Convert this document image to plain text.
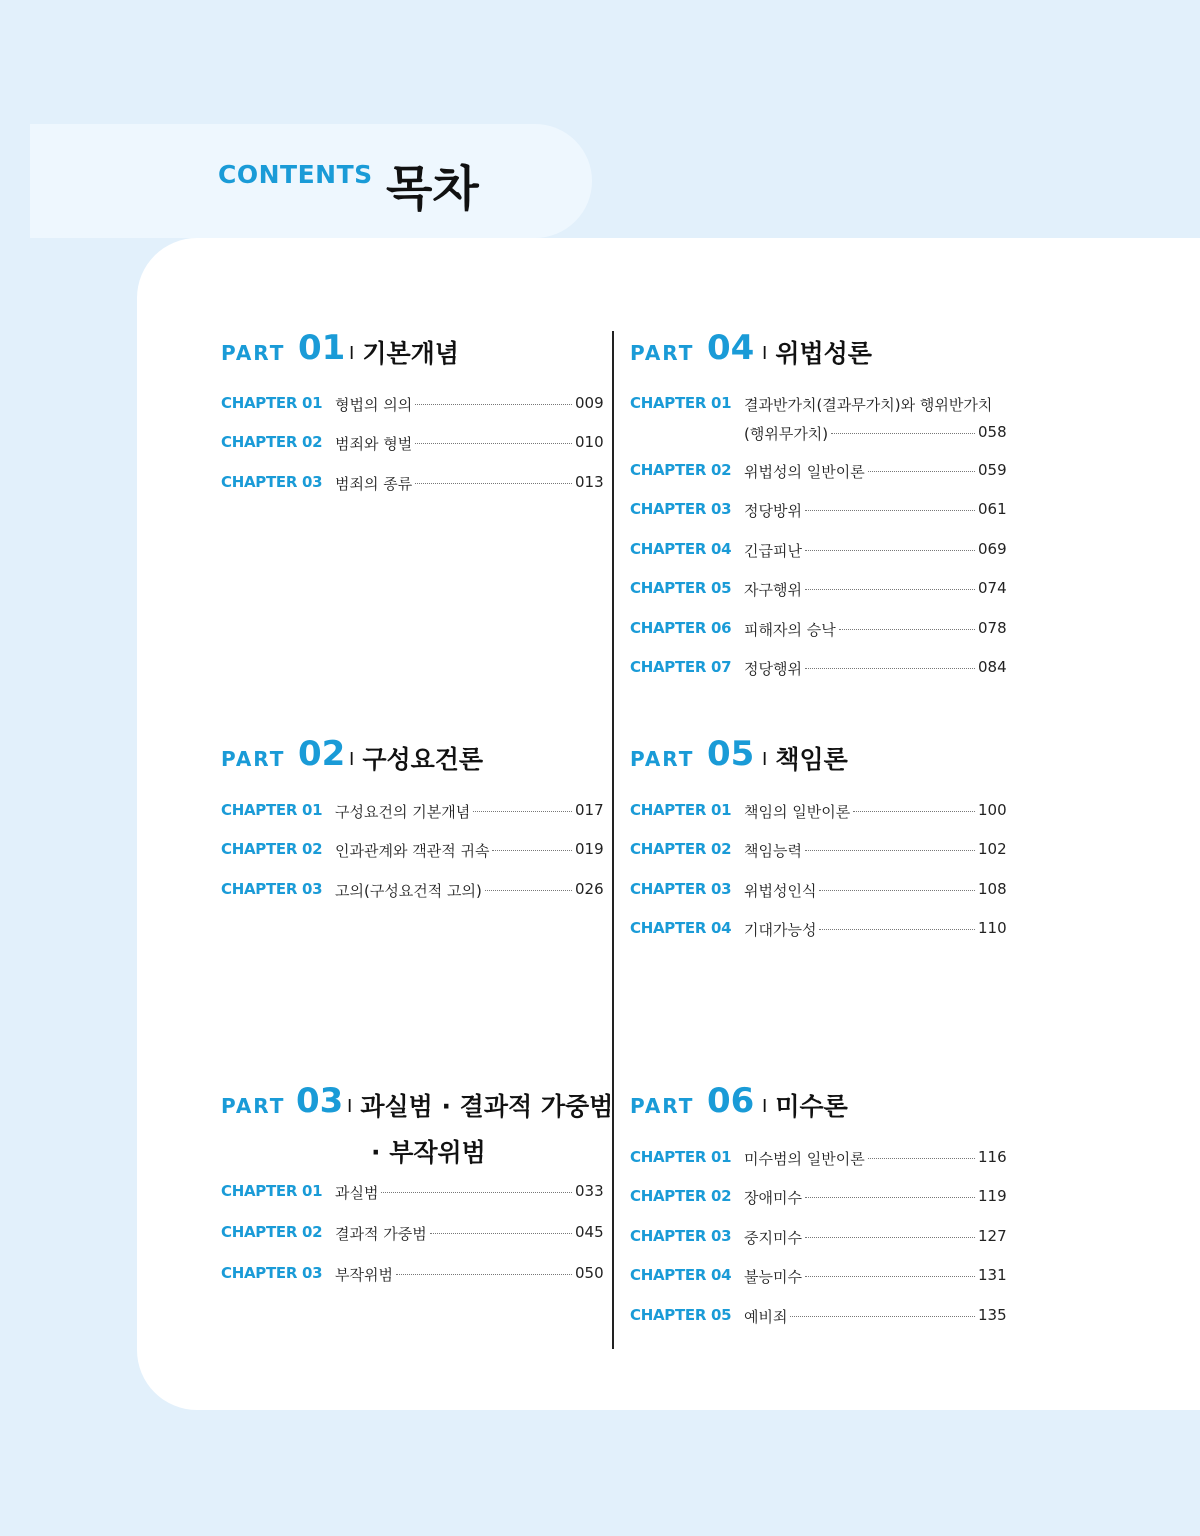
CONTENTS 목차
PART 01 I 기본개념
CHAPTER 01 형법의 의의	009
CHAPTER 02 범죄와 형벌	010
CHAPTER 03 범죄의 종류	013
PART 02 I 구성요건론
CHAPTER 01 구성요건의 기본개념	017
CHAPTER 02 인과관계와 객관적 귀속	019
CHAPTER 03 고의(구성요건적 고의)	026
PART 03 I 과실범 · 결과적 가중범
· 부작위범
CHAPTER 01 과실범	033
CHAPTER 02 결과적 가중범	045
CHAPTER 03 부작위범	050
PART 04 I 위법성론
CHAPTER 01 결과반가치(결과무가치)와 행위반가치
(행위무가치)	058
CHAPTER 02 위법성의 일반이론	059
CHAPTER 03 정당방위	061
CHAPTER 04 긴급피난	069
CHAPTER 05 자구행위	074
CHAPTER 06 피해자의 승낙	078
CHAPTER 07 정당행위	084
PART 05 I 책임론
CHAPTER 01 책임의 일반이론	100
CHAPTER 02 책임능력	102
CHAPTER 03 위법성인식	108
CHAPTER 04 기대가능성	110
PART 06 I 미수론
CHAPTER 01 미수범의 일반이론	116
CHAPTER 02 장애미수	119
CHAPTER 03 중지미수	127
CHAPTER 04 불능미수	131
CHAPTER 05 예비죄	135
